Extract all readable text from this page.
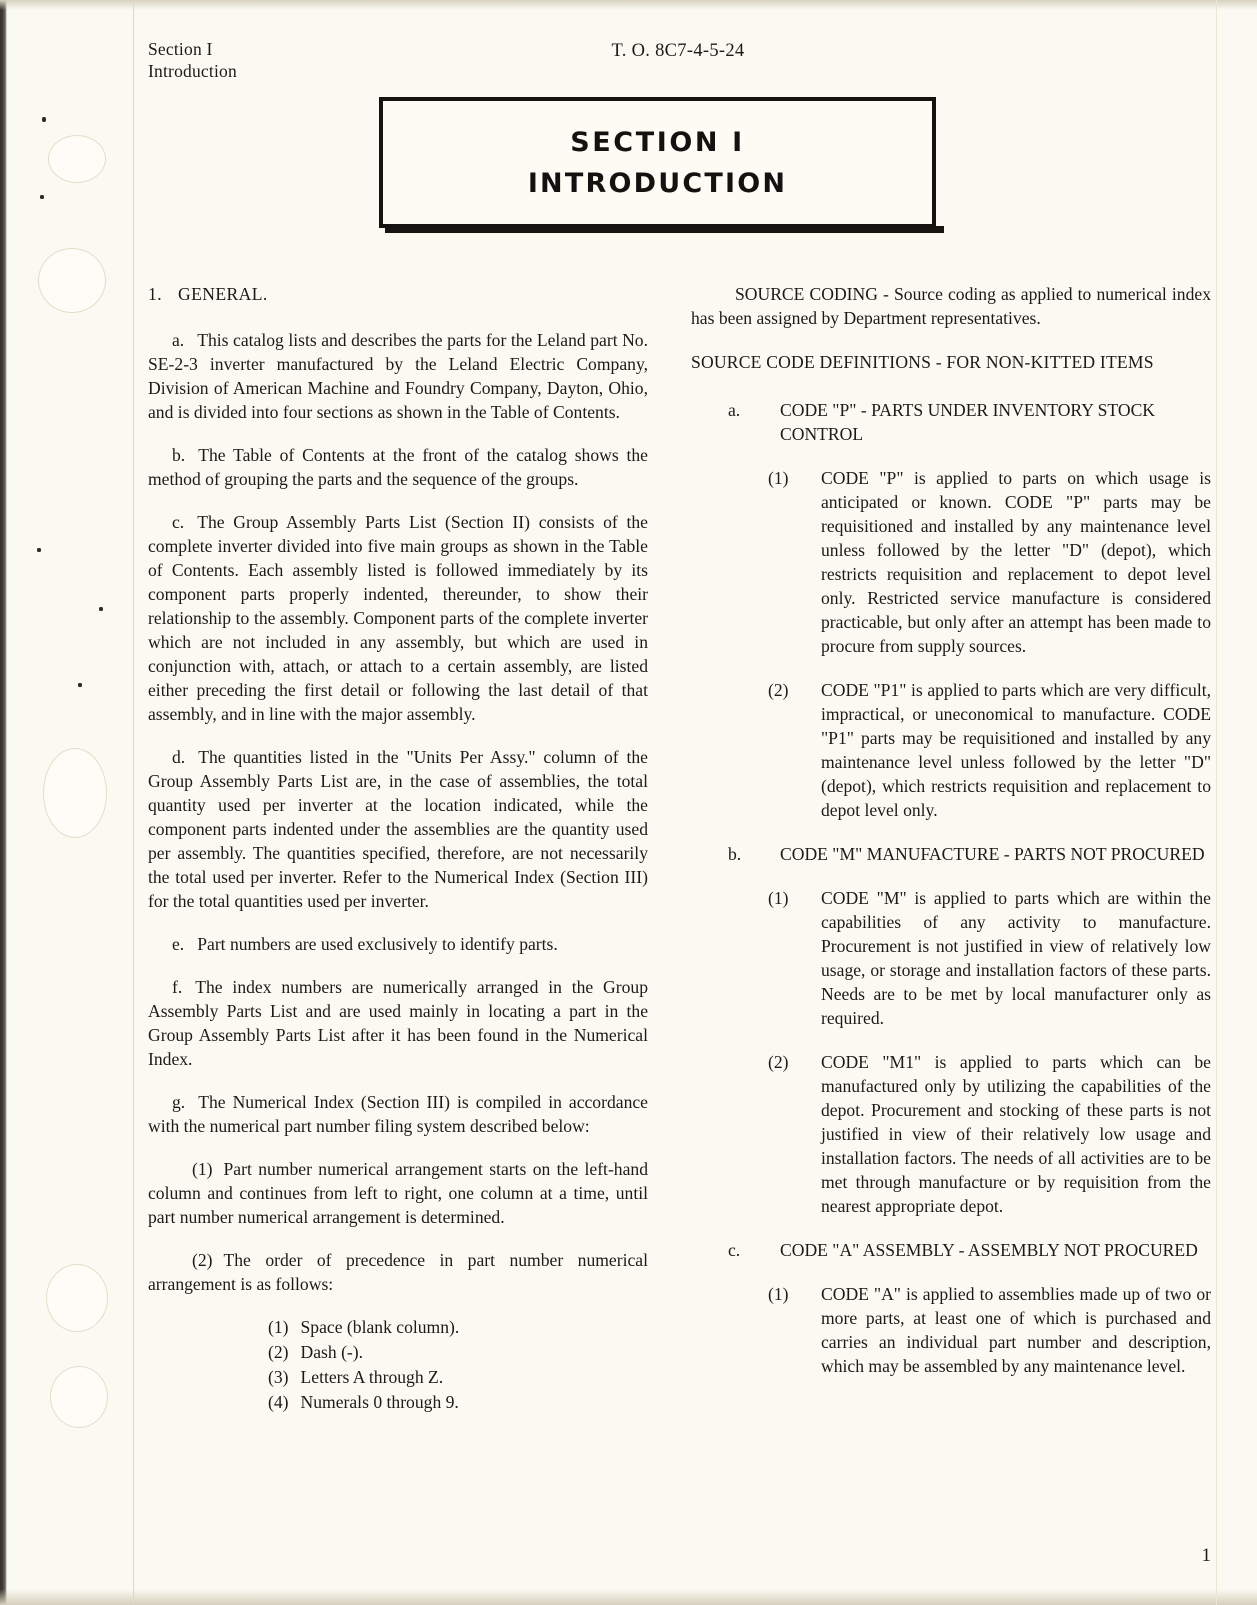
Section I
Introduction
T. O. 8C7-4-5-24
SECTION I
INTRODUCTION
1. GENERAL.
a. This catalog lists and describes the parts for the Leland part No. SE-2-3 inverter manufactured by the Leland Electric Company, Division of American Machine and Foundry Company, Dayton, Ohio, and is divided into four sections as shown in the Table of Contents.
b. The Table of Contents at the front of the catalog shows the method of grouping the parts and the sequence of the groups.
c. The Group Assembly Parts List (Section II) consists of the complete inverter divided into five main groups as shown in the Table of Contents. Each assembly listed is followed immediately by its component parts properly indented, thereunder, to show their relationship to the assembly. Component parts of the complete inverter which are not included in any assembly, but which are used in conjunction with, attach, or attach to a certain assembly, are listed either preceding the first detail or following the last detail of that assembly, and in line with the major assembly.
d. The quantities listed in the "Units Per Assy." column of the Group Assembly Parts List are, in the case of assemblies, the total quantity used per inverter at the location indicated, while the component parts indented under the assemblies are the quantity used per assembly. The quantities specified, therefore, are not necessarily the total used per inverter. Refer to the Numerical Index (Section III) for the total quantities used per inverter.
e. Part numbers are used exclusively to identify parts.
f. The index numbers are numerically arranged in the Group Assembly Parts List and are used mainly in locating a part in the Group Assembly Parts List after it has been found in the Numerical Index.
g. The Numerical Index (Section III) is compiled in accordance with the numerical part number filing system described below:
(1) Part number numerical arrangement starts on the left-hand column and continues from left to right, one column at a time, until part number numerical arrangement is determined.
(2) The order of precedence in part number numerical arrangement is as follows:
(1) Space (blank column).
(2) Dash (-).
(3) Letters A through Z.
(4) Numerals 0 through 9.
SOURCE CODING - Source coding as applied to numerical index has been assigned by Department representatives.
SOURCE CODE DEFINITIONS - FOR NON-KITTED ITEMS
a.	CODE "P" - PARTS UNDER INVENTORY STOCK CONTROL
(1)	CODE "P" is applied to parts on which usage is anticipated or known. CODE "P" parts may be requisitioned and installed by any maintenance level unless followed by the letter "D" (depot), which restricts requisition and replacement to depot level only. Restricted service manufacture is considered practicable, but only after an attempt has been made to procure from supply sources.
(2)	CODE "P1" is applied to parts which are very difficult, impractical, or uneconomical to manufacture. CODE "P1" parts may be requisitioned and installed by any maintenance level unless followed by the letter "D" (depot), which restricts requisition and replacement to depot level only.
b.	CODE "M" MANUFACTURE - PARTS NOT PROCURED
(1)	CODE "M" is applied to parts which are within the capabilities of any activity to manufacture. Procurement is not justified in view of relatively low usage, or storage and installation factors of these parts. Needs are to be met by local manufacturer only as required.
(2)	CODE "M1" is applied to parts which can be manufactured only by utilizing the capabilities of the depot. Procurement and stocking of these parts is not justified in view of their relatively low usage and installation factors. The needs of all activities are to be met through manufacture or by requisition from the nearest appropriate depot.
c.	CODE "A" ASSEMBLY - ASSEMBLY NOT PROCURED
(1)	CODE "A" is applied to assemblies made up of two or more parts, at least one of which is purchased and carries an individual part number and description, which may be assembled by any maintenance level.
1
